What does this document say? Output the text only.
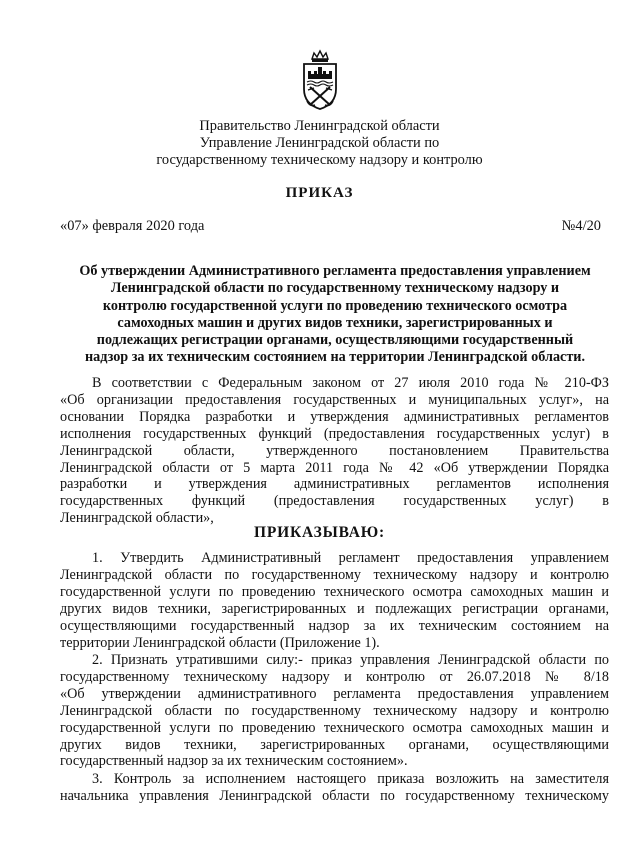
Правительство Ленинградской области
Управление Ленинградской области по
государственному техническому надзору и контролю
ПРИКАЗ
«07» февраля 2020 года	№4/20
Об утверждении Административного регламента предоставления управлением
Ленинградской области по государственному техническому надзору и
контролю государственной услуги по проведению технического осмотра
самоходных машин и других видов техники, зарегистрированных и
подлежащих регистрации органами, осуществляющими государственный
надзор за их техническим состоянием на территории Ленинградской области.
В соответствии с Федеральным законом от 27 июля 2010 года № 210-ФЗ
«Об организации предоставления государственных и муниципальных услуг», на
основании Порядка разработки и утверждения административных регламентов
исполнения государственных функций (предоставления государственных услуг) в
Ленинградской области, утвержденного постановлением Правительства
Ленинградской области от 5 марта 2011 года № 42 «Об утверждении Порядка
разработки и утверждения административных регламентов исполнения
государственных функций (предоставления государственных услуг) в
Ленинградской области»,
ПРИКАЗЫВАЮ:
1. Утвердить Административный регламент предоставления управлением
Ленинградской области по государственному техническому надзору и контролю
государственной услуги по проведению технического осмотра самоходных машин и
других видов техники, зарегистрированных и подлежащих регистрации органами,
осуществляющими государственный надзор за их техническим состоянием на
территории Ленинградской области (Приложение 1).
2. Признать утратившими силу:- приказ управления Ленинградской области по
государственному техническому надзору и контролю от 26.07.2018 № 8/18
«Об утверждении административного регламента предоставления управлением
Ленинградской области по государственному техническому надзору и контролю
государственной услуги по проведению технического осмотра самоходных машин и
других видов техники, зарегистрированных органами, осуществляющими
государственный надзор за их техническим состоянием».
3. Контроль за исполнением настоящего приказа возложить на заместителя
начальника управления Ленинградской области по государственному техническому
